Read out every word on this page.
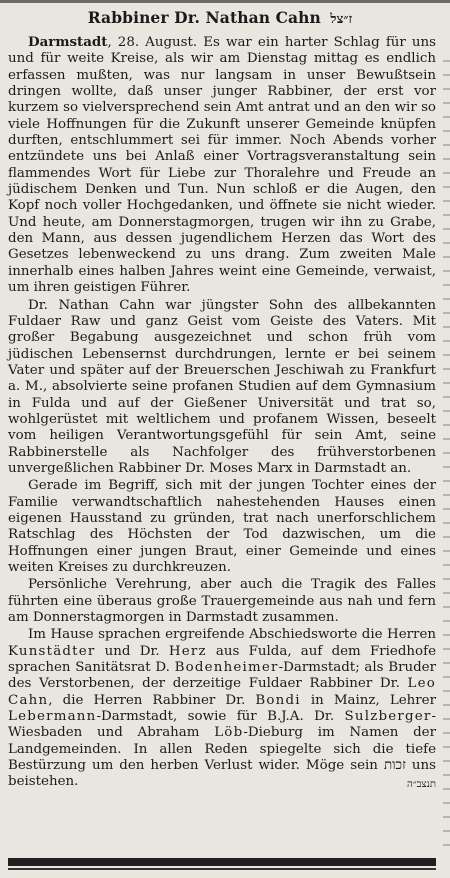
Rabbiner Dr. Nathan Cahn ז״צל

Darmstadt, 28. August. Es war ein harter Schlag für uns und für weite Kreise, als wir am Dienstag mittag es endlich erfassen mußten, was nur langsam in unser Bewußtsein dringen wollte, daß unser junger Rabbiner, der erst vor kurzem so vielversprechend sein Amt antrat und an den wir so viele Hoffnungen für die Zukunft unserer Gemeinde knüpfen durften, entschlummert sei für immer. Noch Abends vorher entzündete uns bei Anlaß einer Vortragsveranstaltung sein flammendes Wort für Liebe zur Thoralehre und Freude an jüdischem Denken und Tun. Nun schloß er die Augen, den Kopf noch voller Hochgedanken, und öffnete sie nicht wieder. Und heute, am Donnerstagmorgen, trugen wir ihn zu Grabe, den Mann, aus dessen jugendlichem Herzen das Wort des Gesetzes lebenweckend zu uns drang. Zum zweiten Male innerhalb eines halben Jahres weint eine Gemeinde, verwaist, um ihren geistigen Führer.

Dr. Nathan Cahn war jüngster Sohn des allbekannten Fuldaer Raw und ganz Geist vom Geiste des Vaters. Mit großer Begabung ausgezeichnet und schon früh vom jüdischen Lebensernst durchdrungen, lernte er bei seinem Vater und später auf der Breuerschen Jeschiwah zu Frankfurt a. M., absolvierte seine profanen Studien auf dem Gymnasium in Fulda und auf der Gießener Universität und trat so, wohlgerüstet mit weltlichem und profanem Wissen, beseelt vom heiligen Verantwortungsgefühl für sein Amt, seine Rabbinerstelle als Nachfolger des frühverstorbenen unvergeßlichen Rabbiner Dr. Moses Marx in Darmstadt an.

Gerade im Begriff, sich mit der jungen Tochter eines der Familie verwandtschaftlich nahestehenden Hauses einen eigenen Hausstand zu gründen, trat nach unerforschlichem Ratschlag des Höchsten der Tod dazwischen, um die Hoffnungen einer jungen Braut, einer Gemeinde und eines weiten Kreises zu durchkreuzen.

Persönliche Verehrung, aber auch die Tragik des Falles führten eine überaus große Trauergemeinde aus nah und fern am Donnerstagmorgen in Darmstadt zusammen.

Im Hause sprachen ergreifende Abschiedsworte die Herren Kunstädter und Dr. Herz aus Fulda, auf dem Friedhofe sprachen Sanitätsrat D. Bodenheimer-Darmstadt; als Bruder des Verstorbenen, der derzeitige Fuldaer Rabbiner Dr. Leo Cahn, die Herren Rabbiner Dr. Bondi in Mainz, Lehrer Lebermann-Darmstadt, sowie für B.J.A. Dr. Sulzberger-Wiesbaden und Abraham Löb-Dieburg im Namen der Landgemeinden. In allen Reden spiegelte sich die tiefe Bestürzung um den herben Verlust wider. Möge sein זכות uns beistehen.	תנצב״ה
